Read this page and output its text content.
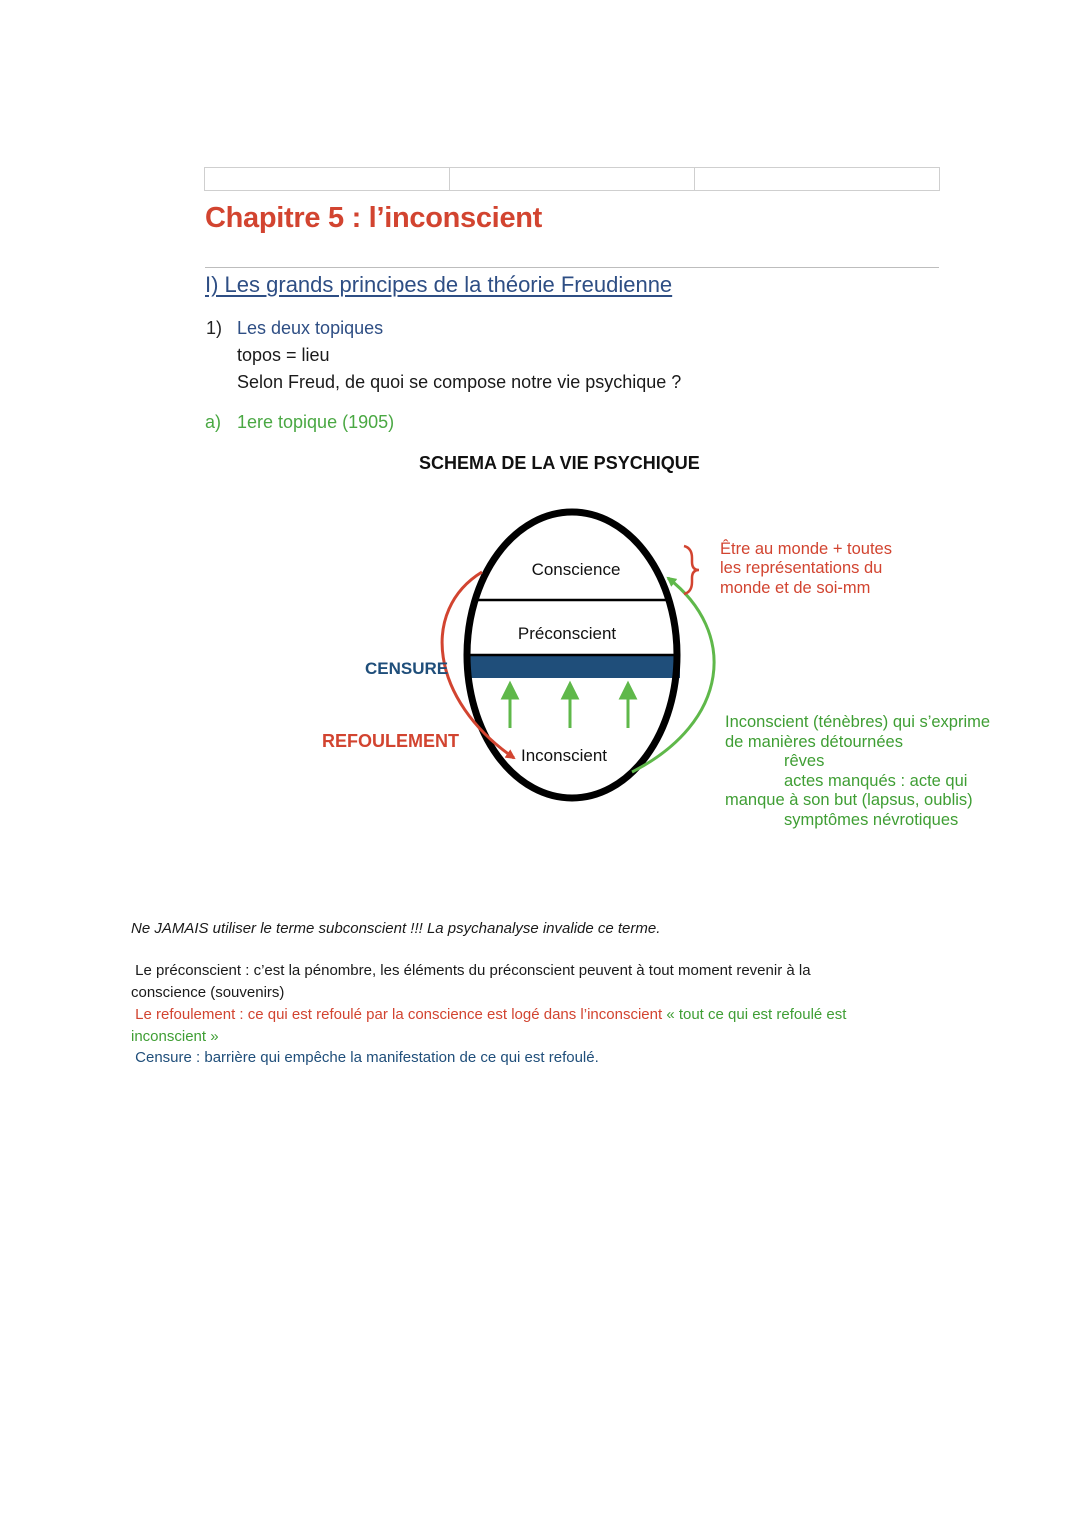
Chapitre 5 : l’inconscient
I) Les grands principes de la théorie Freudienne
1) Les deux topiques
topos = lieu
Selon Freud, de quoi se compose notre vie psychique ?
a) 1ere topique (1905)
SCHEMA DE LA VIE PSYCHIQUE
Conscience
Préconscient
Inconscient
CENSURE
REFOULEMENT
Être au monde + toutes
les représentations du
monde et de soi-mm
Inconscient (ténèbres) qui s’exprime
de manières détournées
rêves
actes manqués : acte qui
manque à son but (lapsus, oublis)
symptômes névrotiques
Ne JAMAIS utiliser le terme subconscient !!! La psychanalyse invalide ce terme.
Le préconscient : c’est la pénombre, les éléments du préconscient peuvent à tout moment revenir à la
conscience (souvenirs)
Le refoulement : ce qui est refoulé par la conscience est logé dans l’inconscient « tout ce qui est refoulé est
inconscient »
Censure : barrière qui empêche la manifestation de ce qui est refoulé.
